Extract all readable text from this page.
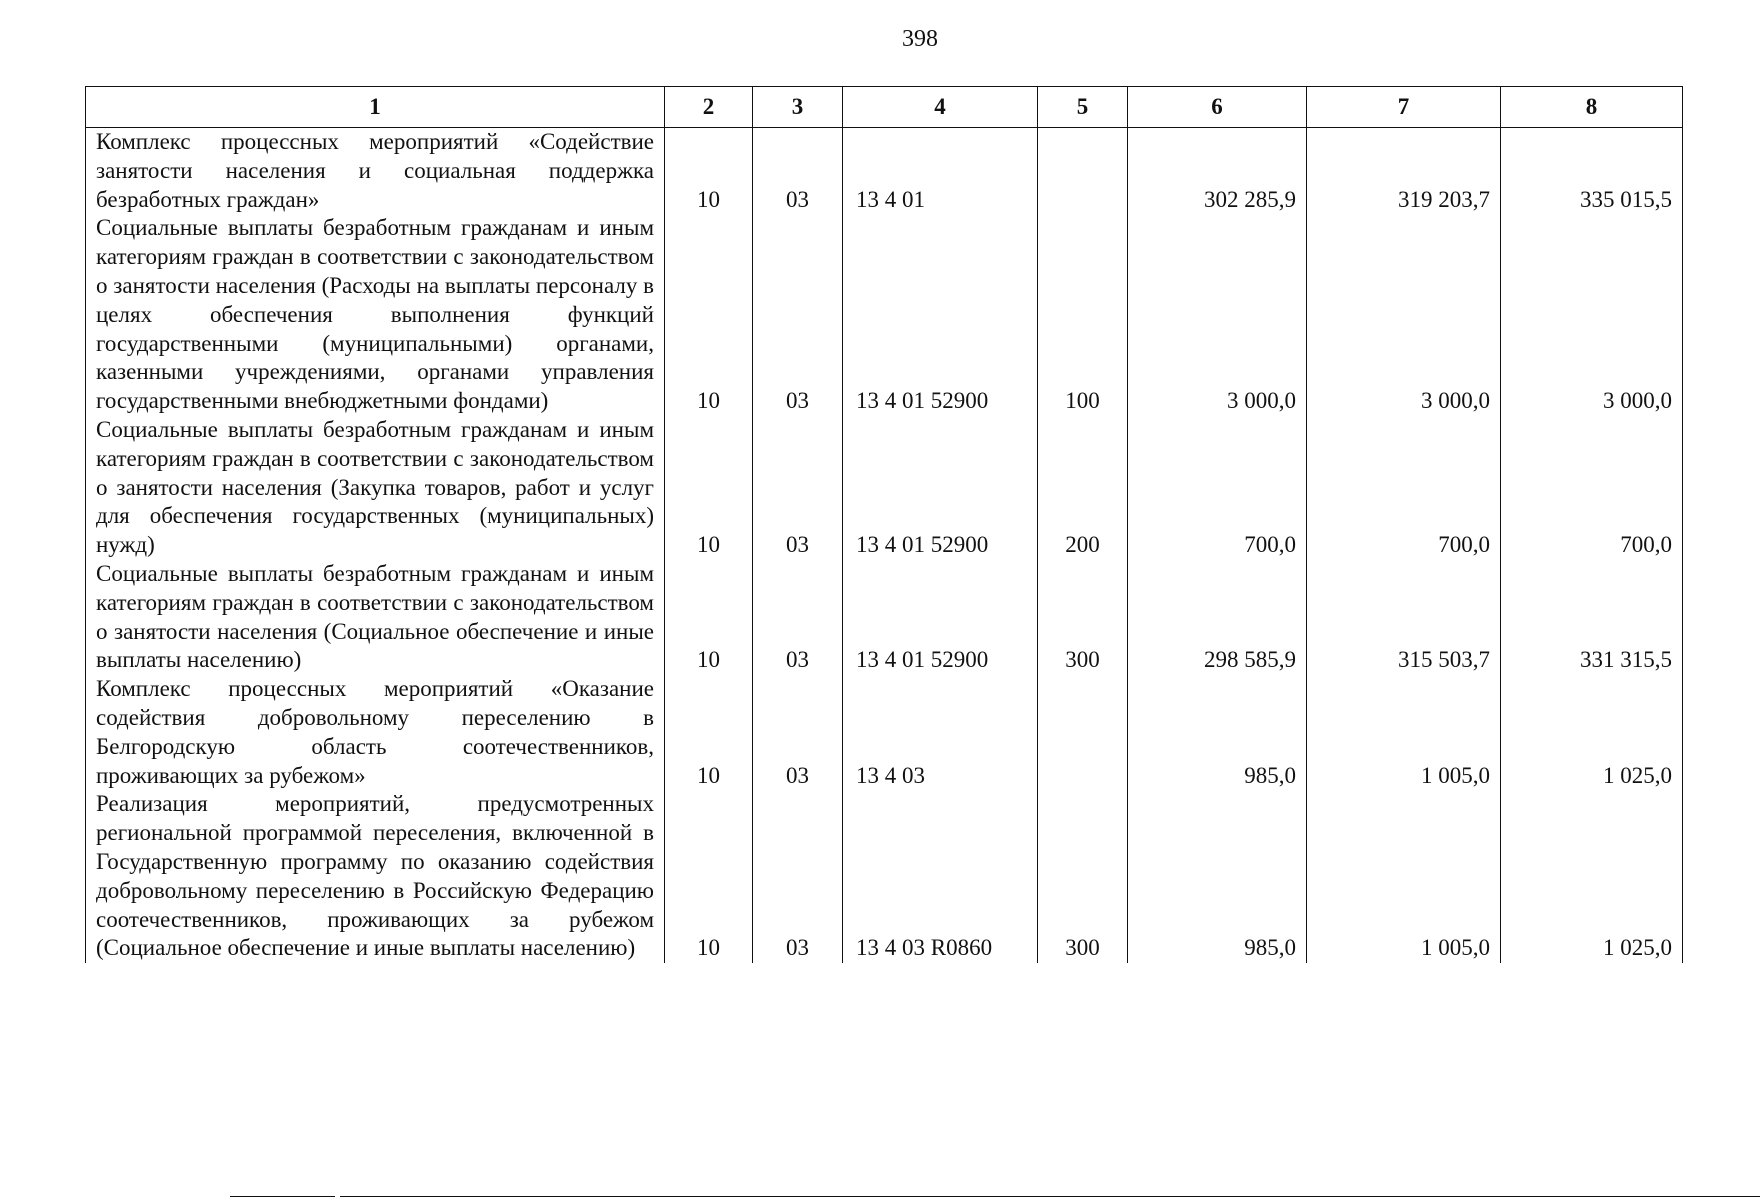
398
1	2	3	4	5	6	7	8
Комплекс процессных мероприятий «Содействие занятости населения и социальная поддержка безработных граждан»	10	03	13 4 01		302 285,9	319 203,7	335 015,5
Социальные выплаты безработным гражданам и иным категориям граждан в соответствии с законодательством о занятости населения (Расходы на выплаты персоналу в целях обеспечения выполнения функций государственными (муниципальными) органами, казенными учреждениями, органами управления государственными внебюджетными фондами)	10	03	13 4 01 52900	100	3 000,0	3 000,0	3 000,0
Социальные выплаты безработным гражданам и иным категориям граждан в соответствии с законодательством о занятости населения (Закупка товаров, работ и услуг для обеспечения государственных (муниципальных) нужд)	10	03	13 4 01 52900	200	700,0	700,0	700,0
Социальные выплаты безработным гражданам и иным категориям граждан в соответствии с законодательством о занятости населения (Социальное обеспечение и иные выплаты населению)	10	03	13 4 01 52900	300	298 585,9	315 503,7	331 315,5
Комплекс процессных мероприятий «Оказание содействия добровольному переселению в Белгородскую область соотечественников, проживающих за рубежом»	10	03	13 4 03		985,0	1 005,0	1 025,0
Реализация мероприятий, предусмотренных региональной программой переселения, включенной в Государственную программу по оказанию содействия добровольному переселению в Российскую Федерацию соотечественников, проживающих за рубежом (Социальное обеспечение и иные выплаты населению)	10	03	13 4 03 R0860	300	985,0	1 005,0	1 025,0
